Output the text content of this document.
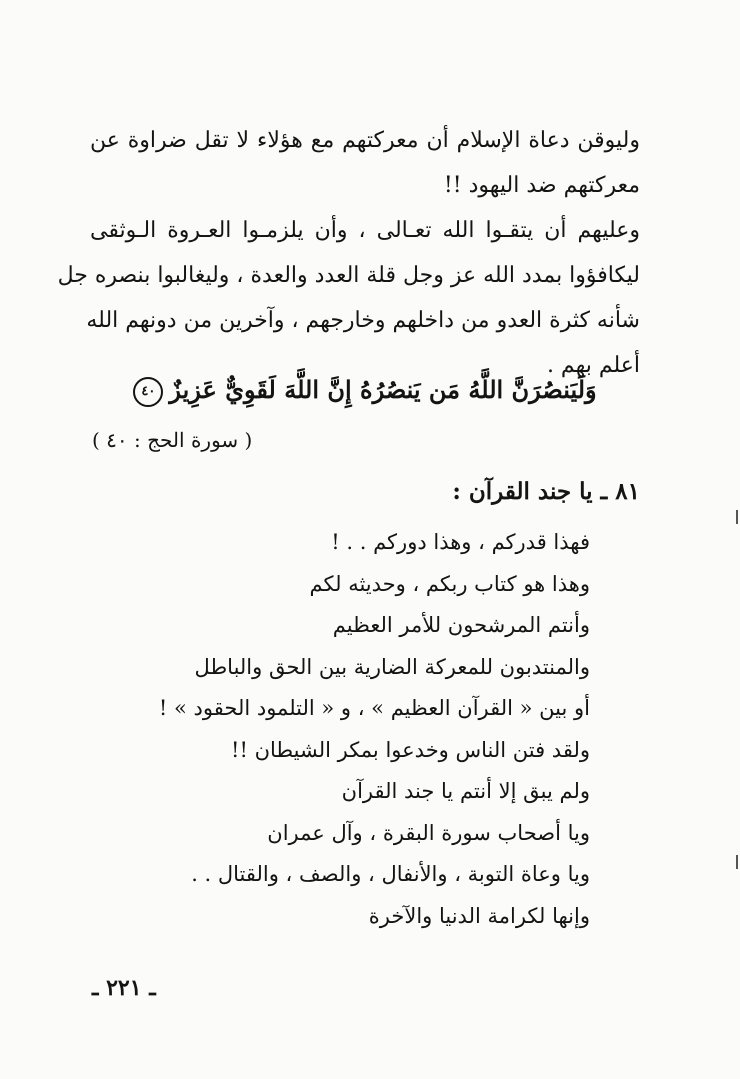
وليوقن دعاة الإسلام أن معركتهم مع هؤلاء لا تقل ضراوة عن
معركتهم ضد اليهود !!
وعليهم أن يتقـوا الله تعـالى ، وأن يلزمـوا العـروة الـوثقى
ليكافؤوا بمدد الله عز وجل قلة العدد والعدة ، وليغالبوا بنصره جل
شأنه كثرة العدو من داخلهم وخارجهم ، وآخرين من دونهم الله
أعلم بهم .
وَلَيَنصُرَنَّ اللَّهُ مَن يَنصُرُهُ إِنَّ اللَّهَ لَقَوِيٌّ عَزِيزٌ٤٠
( سورة الحج : ٤٠ )
٨١ ـ يا جند القرآن :
فهذا قدركم ، وهذا دوركم . . !
وهذا هو كتاب ربكم ، وحديثه لكم
وأنتم المرشحون للأمر العظيم
والمنتدبون للمعركة الضارية بين الحق والباطل
أو بين « القرآن العظيم » ، و « التلمود الحقود » !
ولقد فتن الناس وخدعوا بمكر الشيطان !!
ولم يبق إلا أنتم يا جند القرآن
ويا أصحاب سورة البقرة ، وآل عمران
ويا وعاة التوبة ، والأنفال ، والصف ، والقتال . .
وإنها لكرامة الدنيا والآخرة
ـ ٢٢١ ـ
